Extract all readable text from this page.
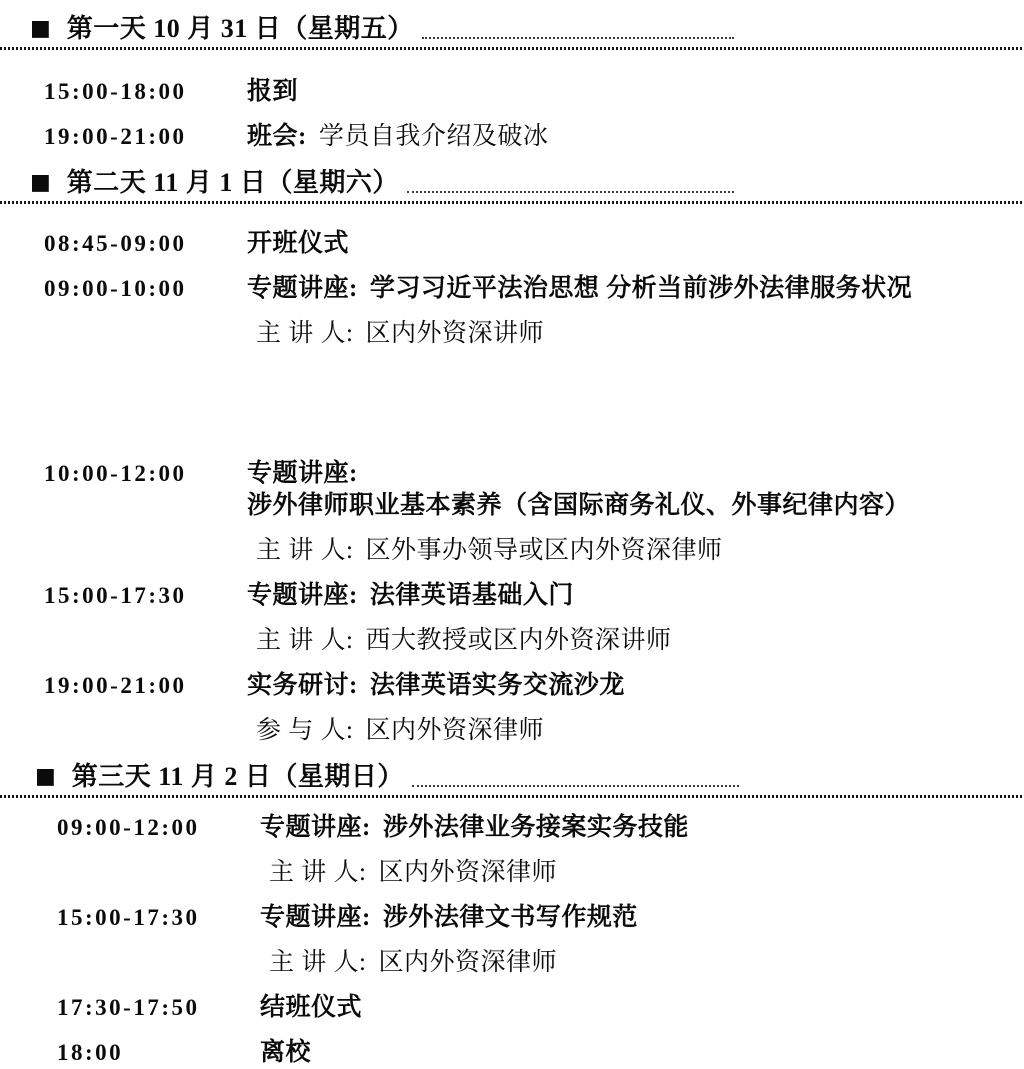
■ 第一天 10 月 31 日（星期五）
15:00-18:00	报到
19:00-21:00	班会: 学员自我介绍及破冰
■ 第二天 11 月 1 日（星期六）
08:45-09:00	开班仪式
09:00-10:00	专题讲座: 学习习近平法治思想 分析当前涉外法律服务状况
主 讲 人: 区内外资深讲师
10:00-12:00	专题讲座:涉外律师职业基本素养（含国际商务礼仪、外事纪律内容）
主 讲 人: 区外事办领导或区内外资深律师
15:00-17:30	专题讲座: 法律英语基础入门
主 讲 人: 西大教授或区内外资深讲师
19:00-21:00	实务研讨: 法律英语实务交流沙龙
参 与 人: 区内外资深律师
■ 第三天 11 月 2 日（星期日）
09:00-12:00	专题讲座: 涉外法律业务接案实务技能
主 讲 人: 区内外资深律师
15:00-17:30	专题讲座: 涉外法律文书写作规范
主 讲 人: 区内外资深律师
17:30-17:50	结班仪式
18:00	离校
